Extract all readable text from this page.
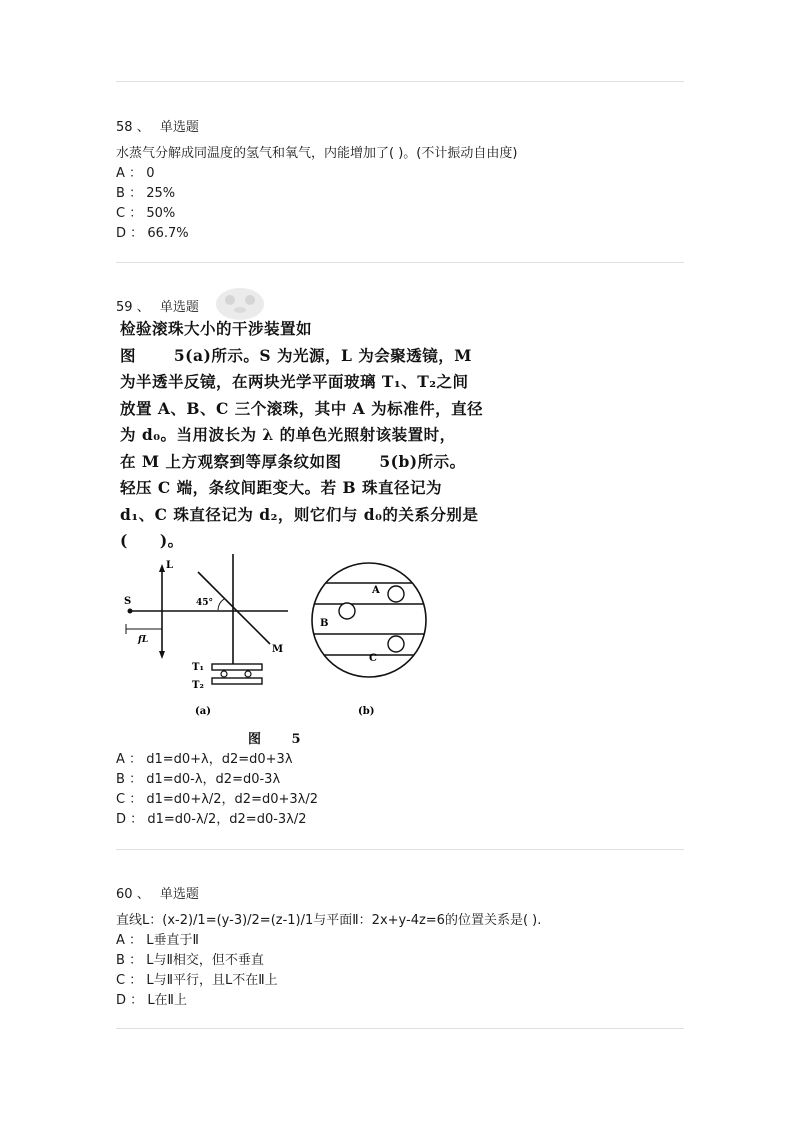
58 、 单选题
水蒸气分解成同温度的氢气和氧气，内能增加了( )。(不计振动自由度)
A ： 0
B ： 25%
C ： 50%
D ： 66.7%
59 、 单选题
检验滚珠大小的干涉装置如
图　　 5(a)所示。S 为光源，L 为会聚透镜，M
为半透半反镜，在两块光学平面玻璃 T₁、T₂之间
放置 A、B、C 三个滚珠，其中 A 为标准件，直径
为 d₀。当用波长为 λ 的单色光照射该装置时，
在 M 上方观察到等厚条纹如图　　 5(b)所示。
轻压 C 端，条纹间距变大。若 B 珠直径记为
d₁、C 珠直径记为 d₂，则它们与 d₀的关系分别是
(　　)。
L
S	45°
fL
M
T₁
T₂
(a)
A
B
C
(b)
图　　 5
A ： d1=d0+λ，d2=d0+3λ
B ： d1=d0-λ，d2=d0-3λ
C ： d1=d0+λ/2，d2=d0+3λ/2
D ： d1=d0-λ/2，d2=d0-3λ/2
60 、 单选题
直线L：(x-2)/1=(y-3)/2=(z-1)/1与平面Ⅱ：2x+y-4z=6的位置关系是( ).
A ： L垂直于Ⅱ
B ： L与Ⅱ相交，但不垂直
C ： L与Ⅱ平行，且L不在Ⅱ上
D ： L在Ⅱ上
